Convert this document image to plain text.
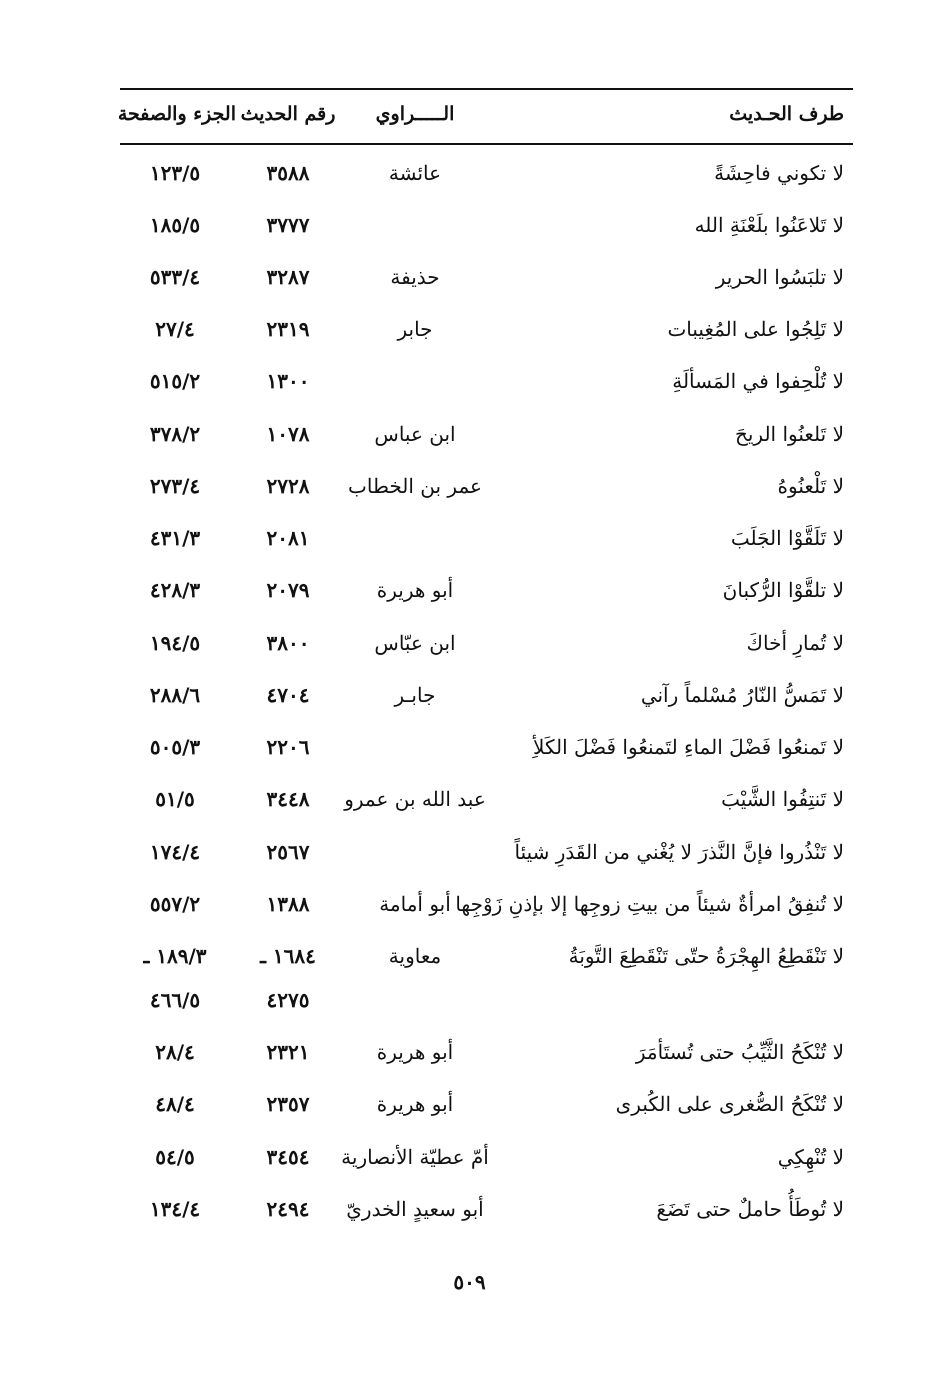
طرف الحـديث
الـــــراوي
رقم الحديث
الجزء والصفحة
لا تكوني فاحِشَةً
عائشة
٣٥٨٨
١٢٣/٥
لا تَلاعَنُوا بلَعْنَةِ الله
٣٧٧٧
١٨٥/٥
لا تلبَسُوا الحرير
حذيفة
٣٢٨٧
٥٣٣/٤
لا تَلِجُوا على المُغِيبات
جابر
٢٣١٩
٢٧/٤
لا تُلْحِفوا في المَسألَةِ
١٣٠٠
٥١٥/٢
لا تَلعنُوا الريحَ
ابن عباس
١٠٧٨
٣٧٨/٢
لا تَلْعنُوهُ
عمر بن الخطاب
٢٧٢٨
٢٧٣/٤
لا تَلَقَّوْا الجَلَبَ
٢٠٨١
٤٣١/٣
لا تلقَّوْا الرُّكبانَ
أبو هريرة
٢٠٧٩
٤٢٨/٣
لا تُمارِ أخاكَ
ابن عبّاس
٣٨٠٠
١٩٤/٥
لا تَمَسُّ النّارُ مُسْلماً رآني
جابـر
٤٧٠٤
٢٨٨/٦
لا تَمنعُوا فَضْلَ الماءِ لتَمنعُوا فَضْلَ الكَلأِ
٢٢٠٦
٥٠٥/٣
لا تَنتِفُوا الشَّيْبَ
عبد الله بن عمرو
٣٤٤٨
٥١/٥
لا تَنْذُروا فإنَّ النَّذرَ لا يُغْني من القَدَرِ شيئاً
٢٥٦٧
١٧٤/٤
لا تُنفِقُ امرأةٌ شيئاً من بيتِ زوجِها إلا بإذنِ زَوْجِها
أبو أمامة
١٣٨٨
٥٥٧/٢
لا تَنْقَطِعُ الهِجْرَةُ حتّى تَنْقَطِعَ التَّوبَةُ
معاوية
١٦٨٤ ـ
١٨٩/٣ ـ
٤٢٧٥
٤٦٦/٥
لا تُنْكَحُ الثَّيِّبُ حتى تُستَأمَرَ
أبو هريرة
٢٣٢١
٢٨/٤
لا تُنْكَحُ الصُّغرى على الكُبرى
أبو هريرة
٢٣٥٧
٤٨/٤
لا تُنْهِكِي
أمّ عطيّة الأنصارية
٣٤٥٤
٥٤/٥
لا تُوطَأُ حاملٌ حتى تَضَعَ
أبو سعيدٍ الخدريّ
٢٤٩٤
١٣٤/٤
٥٠٩
